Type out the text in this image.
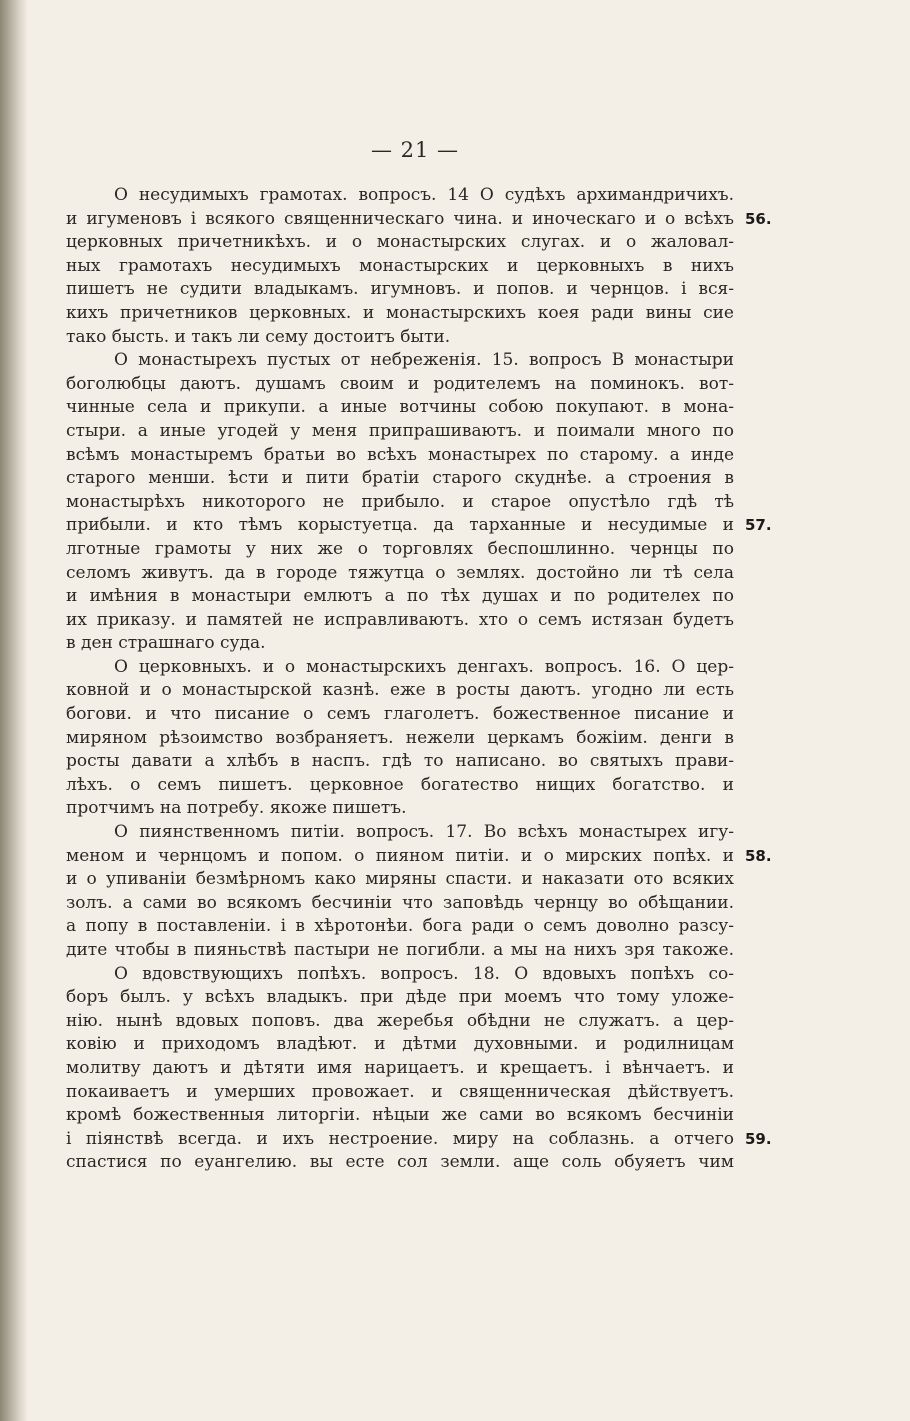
— 21 —
О несудимыхъ грамотах. вопросъ. 14 О судѣхъ архимандричихъ.
и игуменовъ і всякого священническаго чина. и иноческаго и о всѣхъ
церковных причетникѣхъ. и о монастырских слугах. и о жаловал-
ных грамотахъ несудимыхъ монастырских и церковныхъ в нихъ
пишетъ не судити владыкамъ. игумновъ. и попов. и чернцов. і вся-
кихъ причетников церковных. и монастырскихъ коея ради вины сие
тако бысть. и такъ ли сему достоитъ быти.
О монастырехъ пустых от небреженія. 15. вопросъ В монастыри
боголюбцы даютъ. душамъ своим и родителемъ на поминокъ. вот-
чинные села и прикупи. а иные вотчины собою покупают. в мона-
стыри. а иные угодей у меня припрашиваютъ. и поимали много по
всѣмъ монастыремъ братьи во всѣхъ монастырех по старому. а инде
старого менши. ѣсти и пити братіи старого скуднѣе. а строения в
монастырѣхъ никоторого не прибыло. и старое опустѣло гдѣ тѣ
прибыли. и кто тѣмъ корыстуетца. да тарханные и несудимые и
лготные грамоты у них же о торговлях беспошлинно. чернцы по
селомъ живутъ. да в городе тяжутца о землях. достойно ли тѣ села
и имѣния в монастыри емлютъ а по тѣх душах и по родителех по
их приказу. и памятей не исправливаютъ. хто о семъ истязан будетъ
в ден страшнаго суда.
О церковныхъ. и о монастырскихъ денгахъ. вопросъ. 16. О цер-
ковной и о монастырской казнѣ. еже в росты даютъ. угодно ли есть
богови. и что писание о семъ глаголетъ. божественное писание и
миряном рѣзоимство возбраняетъ. нежели церкамъ божіим. денги в
росты давати а хлѣбъ в наспъ. гдѣ то написано. во святыхъ прави-
лѣхъ. о семъ пишетъ. церковное богатество нищих богатство. и
протчимъ на потребу. якоже пишетъ.
О пиянственномъ питіи. вопросъ. 17. Во всѣхъ монастырех игу-
меном и чернцомъ и попом. о пияном питіи. и о мирских попѣх. и
и о упиваніи безмѣрномъ како миряны спасти. и наказати ото всяких
золъ. а сами во всякомъ бесчиніи что заповѣдь чернцу во обѣщании.
а попу в поставленіи. і в хѣротонѣи. бога ради о семъ доволно разсу-
дите чтобы в пияньствѣ пастыри не погибли. а мы на нихъ зря такоже.
О вдовствующихъ попѣхъ. вопросъ. 18. О вдовыхъ попѣхъ со-
боръ былъ. у всѣхъ владыкъ. при дѣде при моемъ что тому уложе-
нію. нынѣ вдовых поповъ. два жеребья обѣдни не служатъ. а цер-
ковію и приходомъ владѣют. и дѣтми духовными. и родилницам
молитву даютъ и дѣтяти имя нарицаетъ. и крещаетъ. і вѣнчаетъ. и
покаиваетъ и умерших провожает. и священническая дѣйствуетъ.
кромѣ божественныя литоргіи. нѣцыи же сами во всякомъ бесчиніи
і піянствѣ всегда. и ихъ нестроение. миру на соблазнь. а отчего
спастися по еуангелию. вы есте сол земли. аще соль обуяетъ чим
56.
57.
58.
59.
